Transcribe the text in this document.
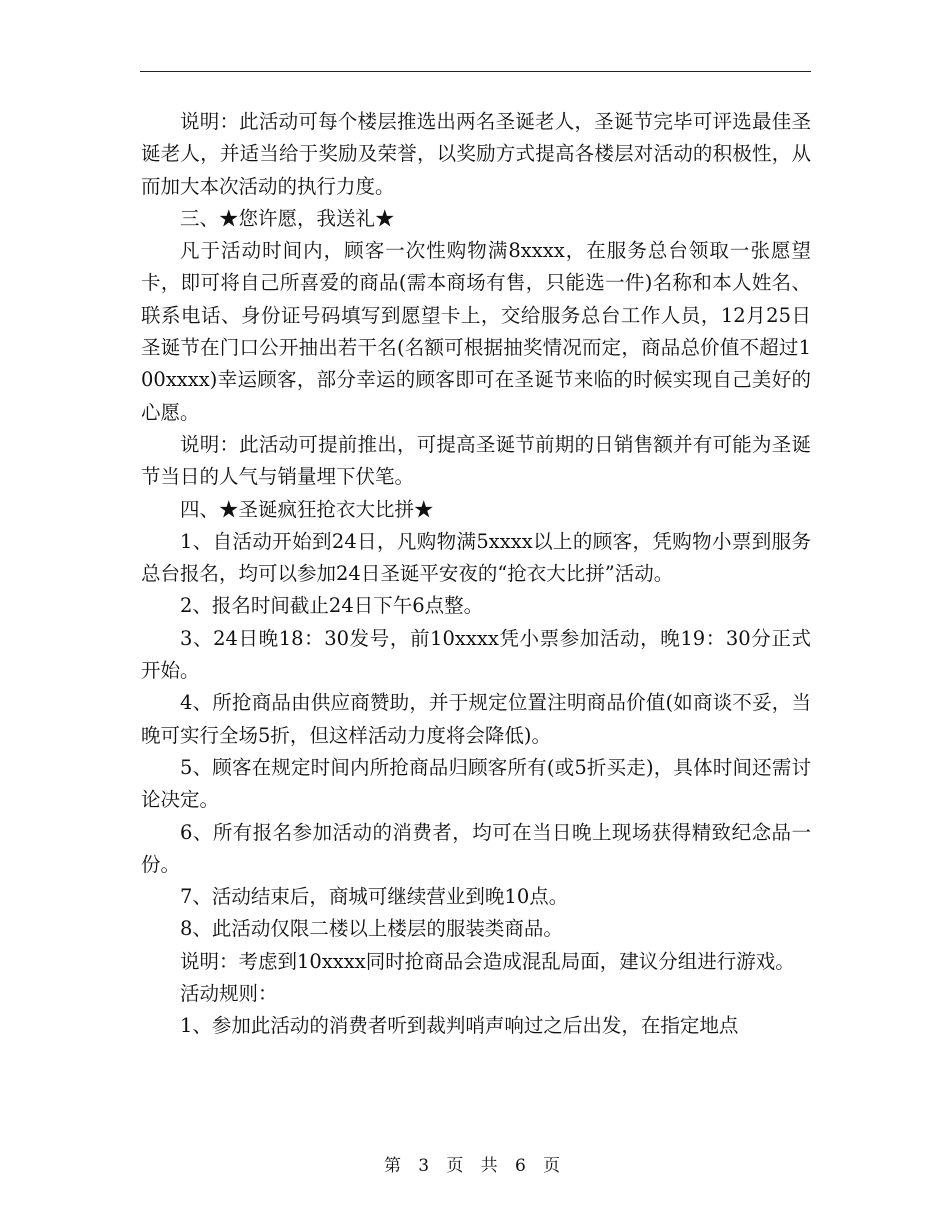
说明：此活动可每个楼层推选出两名圣诞老人，圣诞节完毕可评选最佳圣诞老人，并适当给于奖励及荣誉，以奖励方式提高各楼层对活动的积极性，从而加大本次活动的执行力度。

三、★您许愿，我送礼★

凡于活动时间内，顾客一次性购物满8xxxx，在服务总台领取一张愿望卡，即可将自己所喜爱的商品(需本商场有售，只能选一件)名称和本人姓名、联系电话、身份证号码填写到愿望卡上，交给服务总台工作人员，12月25日圣诞节在门口公开抽出若干名(名额可根据抽奖情况而定，商品总价值不超过100xxxx)幸运顾客，部分幸运的顾客即可在圣诞节来临的时候实现自己美好的心愿。

说明：此活动可提前推出，可提高圣诞节前期的日销售额并有可能为圣诞节当日的人气与销量埋下伏笔。

四、★圣诞疯狂抢衣大比拼★

1、自活动开始到24日，凡购物满5xxxx以上的顾客，凭购物小票到服务总台报名，均可以参加24日圣诞平安夜的“抢衣大比拼”活动。

2、报名时间截止24日下午6点整。

3、24日晚18：30发号，前10xxxx凭小票参加活动，晚19：30分正式开始。

4、所抢商品由供应商赞助，并于规定位置注明商品价值(如商谈不妥，当晚可实行全场5折，但这样活动力度将会降低)。

5、顾客在规定时间内所抢商品归顾客所有(或5折买走)，具体时间还需讨论决定。

6、所有报名参加活动的消费者，均可在当日晚上现场获得精致纪念品一份。

7、活动结束后，商城可继续营业到晚10点。

8、此活动仅限二楼以上楼层的服装类商品。

说明：考虑到10xxxx同时抢商品会造成混乱局面，建议分组进行游戏。

活动规则：

1、参加此活动的消费者听到裁判哨声响过之后出发，在指定地点

第 3 页 共 6 页
